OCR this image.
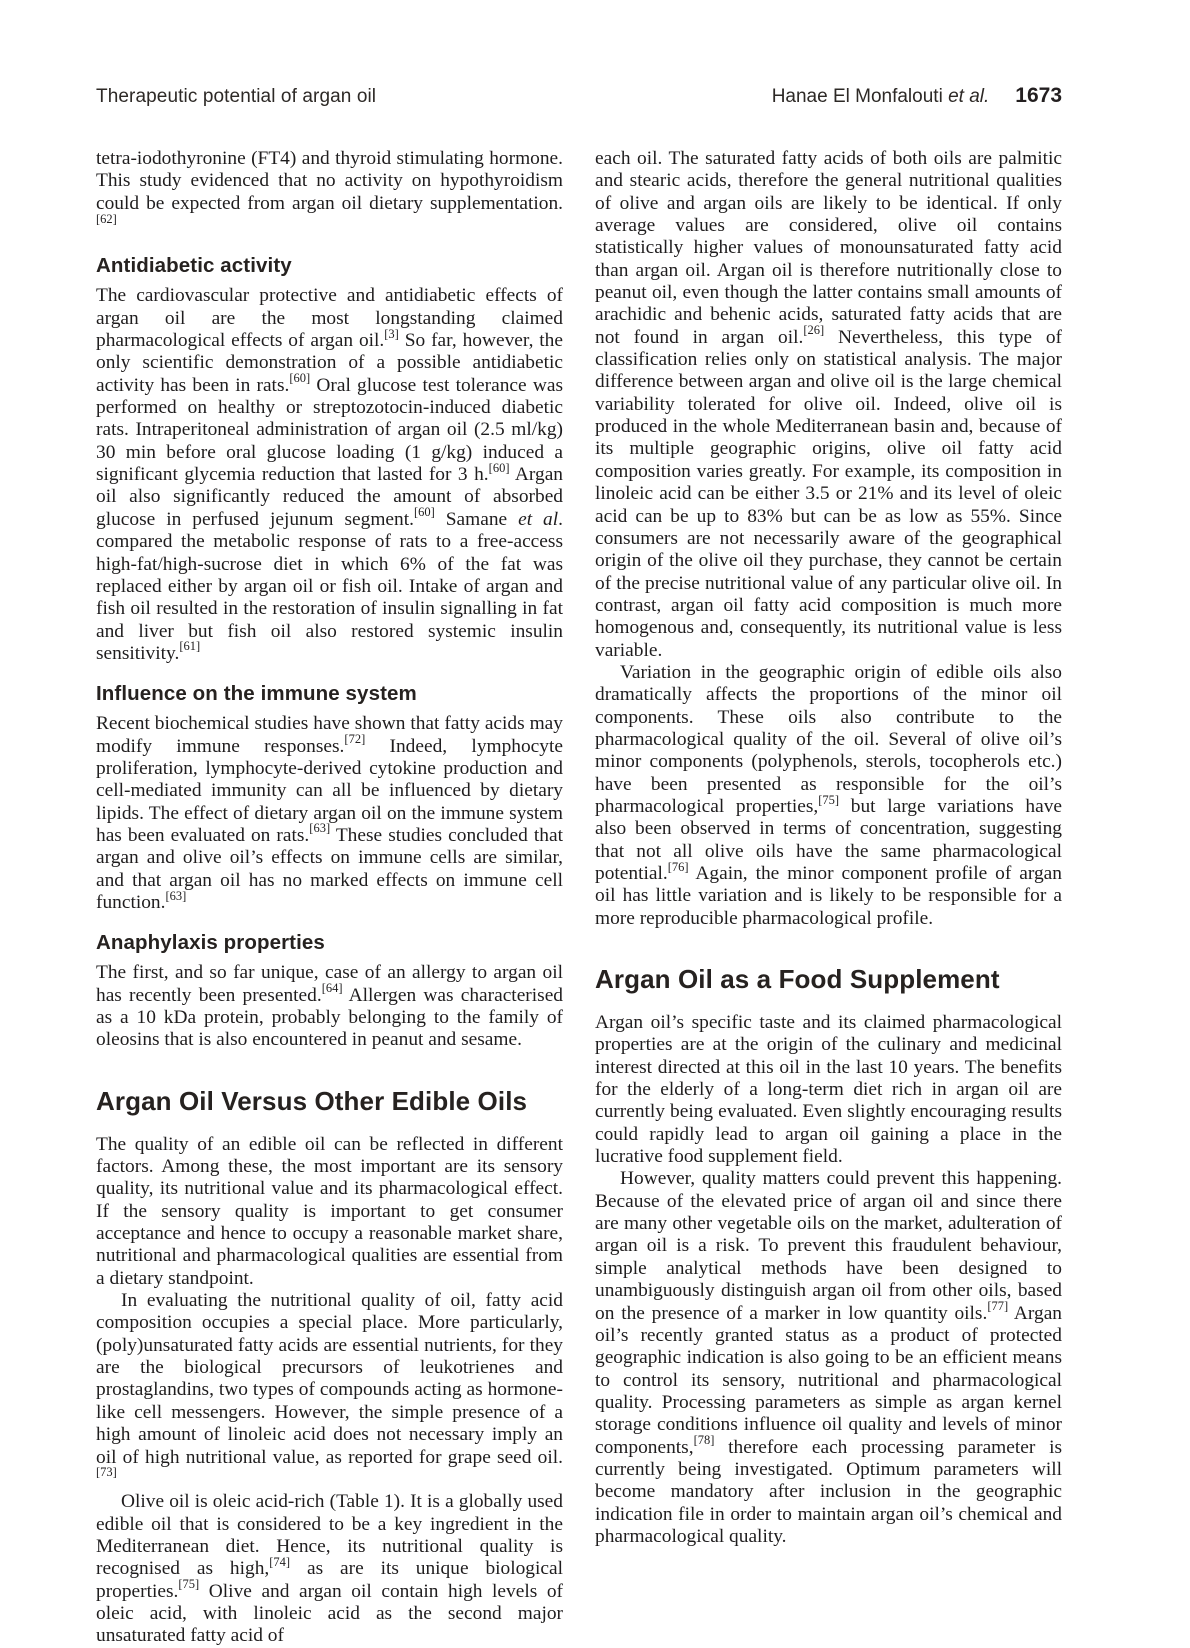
Therapeutic potential of argan oil	Hanae El Monfalouti et al. 1673

tetra-iodothyronine (FT4) and thyroid stimulating hormone. This study evidenced that no activity on hypothyroidism could be expected from argan oil dietary supplementation.[62]

Antidiabetic activity

The cardiovascular protective and antidiabetic effects of argan oil are the most longstanding claimed pharmacological effects of argan oil.[3] So far, however, the only scientific demonstration of a possible antidiabetic activity has been in rats.[60] Oral glucose test tolerance was performed on healthy or streptozotocin-induced diabetic rats. Intraperitoneal administration of argan oil (2.5 ml/kg) 30 min before oral glucose loading (1 g/kg) induced a significant glycemia reduction that lasted for 3 h.[60] Argan oil also significantly reduced the amount of absorbed glucose in perfused jejunum segment.[60] Samane et al. compared the metabolic response of rats to a free-access high-fat/high-sucrose diet in which 6% of the fat was replaced either by argan oil or fish oil. Intake of argan and fish oil resulted in the restoration of insulin signalling in fat and liver but fish oil also restored systemic insulin sensitivity.[61]

Influence on the immune system

Recent biochemical studies have shown that fatty acids may modify immune responses.[72] Indeed, lymphocyte proliferation, lymphocyte-derived cytokine production and cell-mediated immunity can all be influenced by dietary lipids. The effect of dietary argan oil on the immune system has been evaluated on rats.[63] These studies concluded that argan and olive oil’s effects on immune cells are similar, and that argan oil has no marked effects on immune cell function.[63]

Anaphylaxis properties

The first, and so far unique, case of an allergy to argan oil has recently been presented.[64] Allergen was characterised as a 10 kDa protein, probably belonging to the family of oleosins that is also encountered in peanut and sesame.

Argan Oil Versus Other Edible Oils

The quality of an edible oil can be reflected in different factors. Among these, the most important are its sensory quality, its nutritional value and its pharmacological effect. If the sensory quality is important to get consumer acceptance and hence to occupy a reasonable market share, nutritional and pharmacological qualities are essential from a dietary standpoint.

In evaluating the nutritional quality of oil, fatty acid composition occupies a special place. More particularly, (poly)unsaturated fatty acids are essential nutrients, for they are the biological precursors of leukotrienes and prostaglandins, two types of compounds acting as hormone-like cell messengers. However, the simple presence of a high amount of linoleic acid does not necessary imply an oil of high nutritional value, as reported for grape seed oil.[73]

Olive oil is oleic acid-rich (Table 1). It is a globally used edible oil that is considered to be a key ingredient in the Mediterranean diet. Hence, its nutritional quality is recognised as high,[74] as are its unique biological properties.[75] Olive and argan oil contain high levels of oleic acid, with linoleic acid as the second major unsaturated fatty acid of

each oil. The saturated fatty acids of both oils are palmitic and stearic acids, therefore the general nutritional qualities of olive and argan oils are likely to be identical. If only average values are considered, olive oil contains statistically higher values of monounsaturated fatty acid than argan oil. Argan oil is therefore nutritionally close to peanut oil, even though the latter contains small amounts of arachidic and behenic acids, saturated fatty acids that are not found in argan oil.[26] Nevertheless, this type of classification relies only on statistical analysis. The major difference between argan and olive oil is the large chemical variability tolerated for olive oil. Indeed, olive oil is produced in the whole Mediterranean basin and, because of its multiple geographic origins, olive oil fatty acid composition varies greatly. For example, its composition in linoleic acid can be either 3.5 or 21% and its level of oleic acid can be up to 83% but can be as low as 55%. Since consumers are not necessarily aware of the geographical origin of the olive oil they purchase, they cannot be certain of the precise nutritional value of any particular olive oil. In contrast, argan oil fatty acid composition is much more homogenous and, consequently, its nutritional value is less variable.

Variation in the geographic origin of edible oils also dramatically affects the proportions of the minor oil components. These oils also contribute to the pharmacological quality of the oil. Several of olive oil’s minor components (polyphenols, sterols, tocopherols etc.) have been presented as responsible for the oil’s pharmacological properties,[75] but large variations have also been observed in terms of concentration, suggesting that not all olive oils have the same pharmacological potential.[76] Again, the minor component profile of argan oil has little variation and is likely to be responsible for a more reproducible pharmacological profile.

Argan Oil as a Food Supplement

Argan oil’s specific taste and its claimed pharmacological properties are at the origin of the culinary and medicinal interest directed at this oil in the last 10 years. The benefits for the elderly of a long-term diet rich in argan oil are currently being evaluated. Even slightly encouraging results could rapidly lead to argan oil gaining a place in the lucrative food supplement field.

However, quality matters could prevent this happening. Because of the elevated price of argan oil and since there are many other vegetable oils on the market, adulteration of argan oil is a risk. To prevent this fraudulent behaviour, simple analytical methods have been designed to unambiguously distinguish argan oil from other oils, based on the presence of a marker in low quantity oils.[77] Argan oil’s recently granted status as a product of protected geographic indication is also going to be an efficient means to control its sensory, nutritional and pharmacological quality. Processing parameters as simple as argan kernel storage conditions influence oil quality and levels of minor components,[78] therefore each processing parameter is currently being investigated. Optimum parameters will become mandatory after inclusion in the geographic indication file in order to maintain argan oil’s chemical and pharmacological quality.
